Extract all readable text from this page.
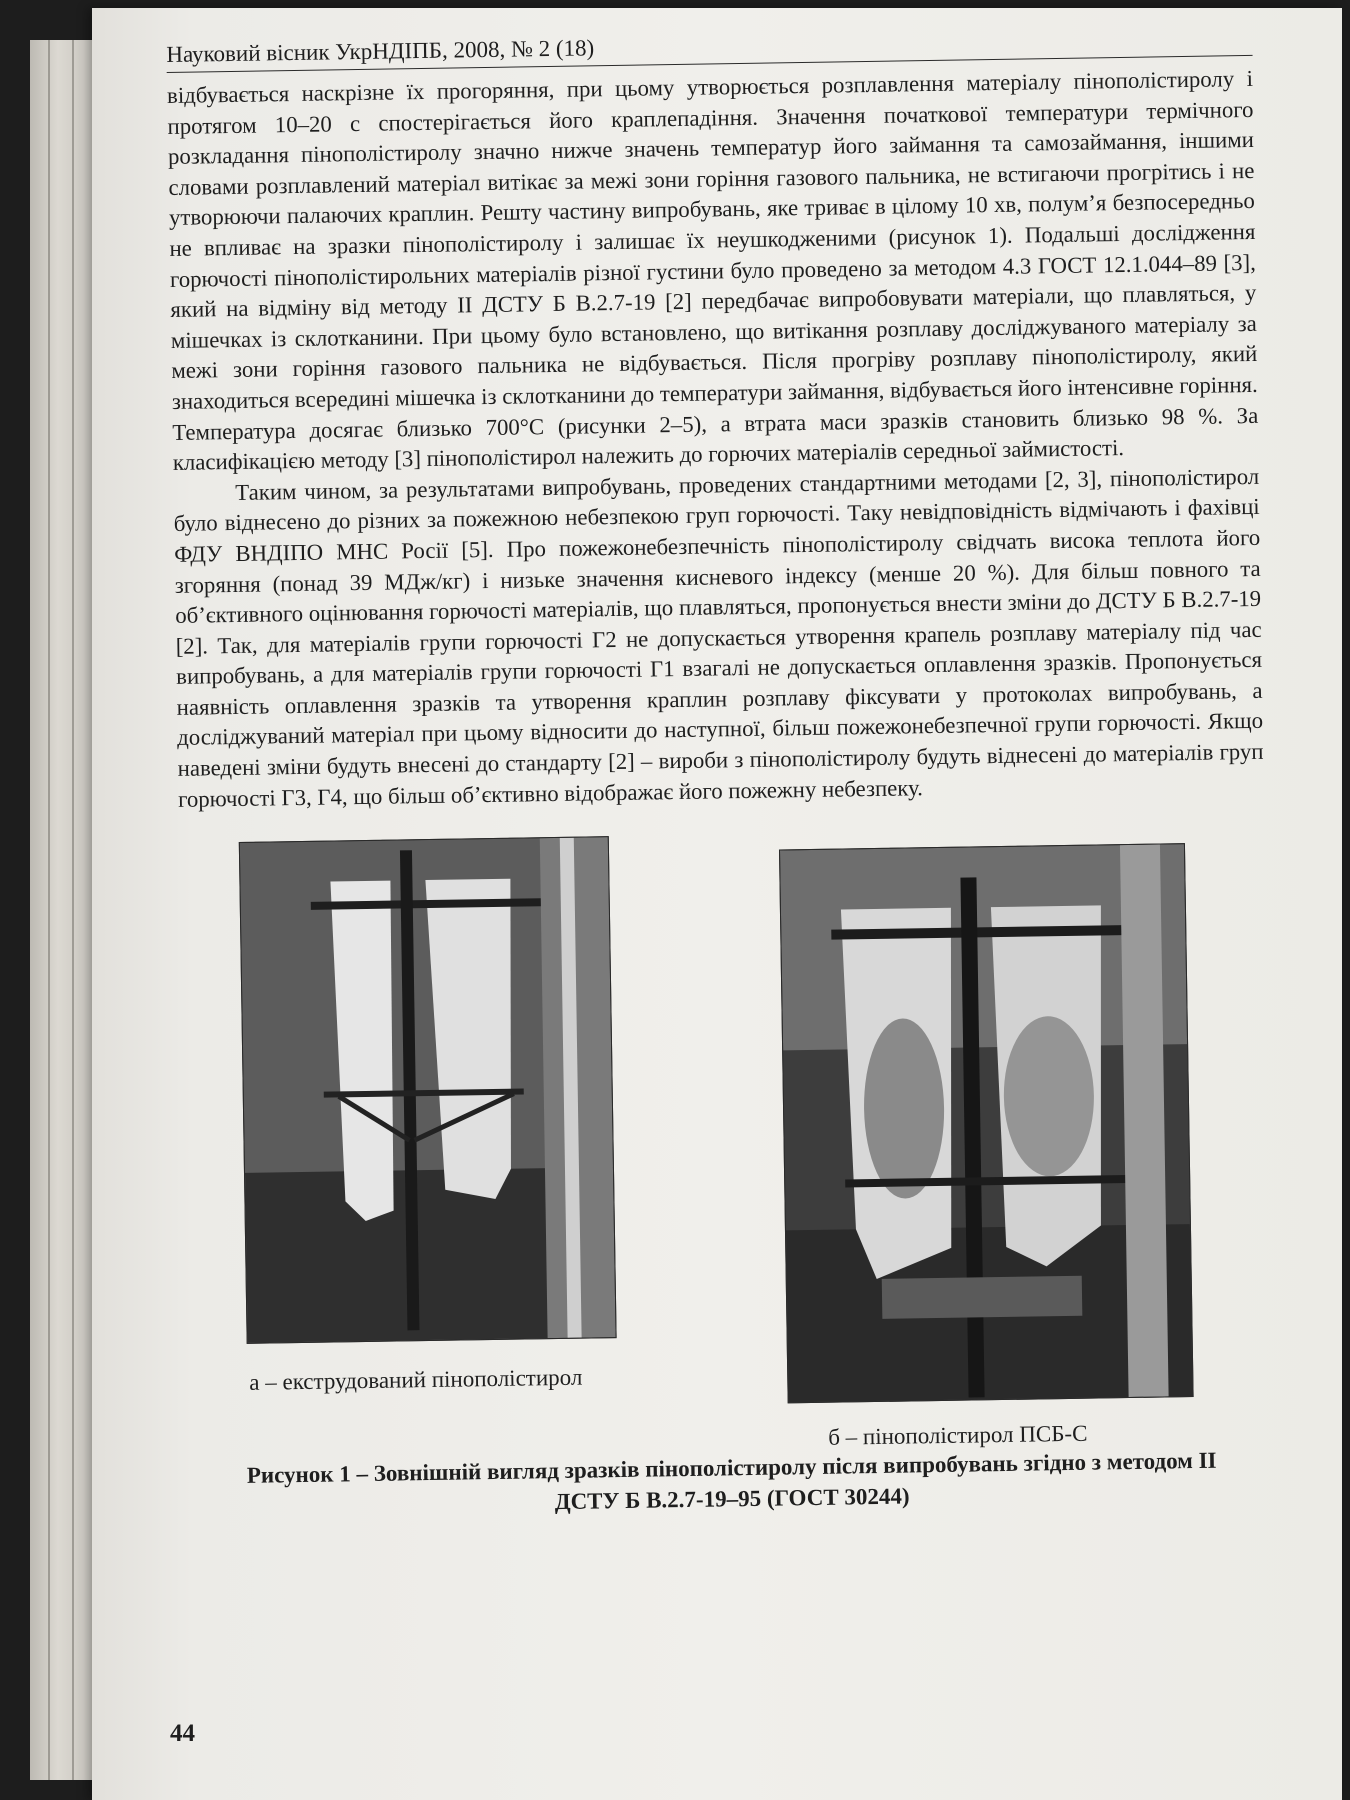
Науковий вісник УкрНДІПБ, 2008, № 2 (18)

відбувається наскрізне їх прогоряння, при цьому утворюється розплавлення матеріалу пінополістиролу і протягом 10–20 с спостерігається його краплепадіння. Значення початкової температури термічного розкладання пінополістиролу значно нижче значень температур його займання та самозаймання, іншими словами розплавлений матеріал витікає за межі зони горіння газового пальника, не встигаючи прогрітись і не утворюючи палаючих краплин. Решту частину випробувань, яке триває в цілому 10 хв, полум’я безпосередньо не впливає на зразки пінополістиролу і залишає їх неушкодженими (рисунок 1). Подальші дослідження горючості пінополістирольних матеріалів різної густини було проведено за методом 4.3 ГОСТ 12.1.044–89 [3], який на відміну від методу II ДСТУ Б В.2.7-19 [2] передбачає випробовувати матеріали, що плавляться, у мішечках із склотканини. При цьому було встановлено, що витікання розплаву досліджуваного матеріалу за межі зони горіння газового пальника не відбувається. Після прогріву розплаву пінополістиролу, який знаходиться всередині мішечка із склотканини до температури займання, відбувається його інтенсивне горіння. Температура досягає близько 700°C (рисунки 2–5), а втрата маси зразків становить близько 98 %. За класифікацією методу [3] пінополістирол належить до горючих матеріалів середньої займистості.

Таким чином, за результатами випробувань, проведених стандартними методами [2, 3], пінополістирол було віднесено до різних за пожежною небезпекою груп горючості. Таку невідповідність відмічають і фахівці ФДУ ВНДІПО МНС Росії [5]. Про пожежонебезпечність пінополістиролу свідчать висока теплота його згоряння (понад 39 МДж/кг) і низьке значення кисневого індексу (менше 20 %). Для більш повного та об’єктивного оцінювання горючості матеріалів, що плавляться, пропонується внести зміни до ДСТУ Б В.2.7-19 [2]. Так, для матеріалів групи горючості Г2 не допускається утворення крапель розплаву матеріалу під час випробувань, а для матеріалів групи горючості Г1 взагалі не допускається оплавлення зразків. Пропонується наявність оплавлення зразків та утворення краплин розплаву фіксувати у протоколах випробувань, а досліджуваний матеріал при цьому відносити до наступної, більш пожежонебезпечної групи горючості. Якщо наведені зміни будуть внесені до стандарту [2] – вироби з пінополістиролу будуть віднесені до матеріалів груп горючості Г3, Г4, що більш об’єктивно відображає його пожежну небезпеку.

а – екструдований пінополістирол
б – пінополістирол ПСБ-С
Рисунок 1 – Зовнішній вигляд зразків пінополістиролу після випробувань згідно з методом II
ДСТУ Б В.2.7-19–95 (ГОСТ 30244)
44
